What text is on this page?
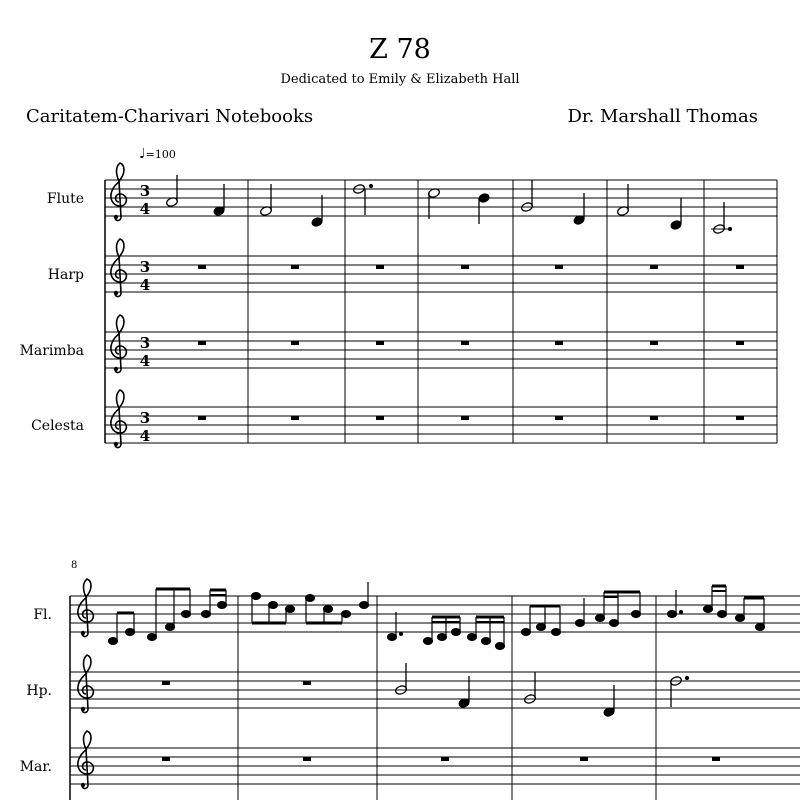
Z 78
Dedicated to Emily & Elizabeth Hall
Caritatem-Charivari Notebooks	Dr. Marshall Thomas
♩=100
8
Flute
Harp
Marimba
Celesta
Fl.
Hp.
Mar.
3
4
3
4
3
4
3
4
